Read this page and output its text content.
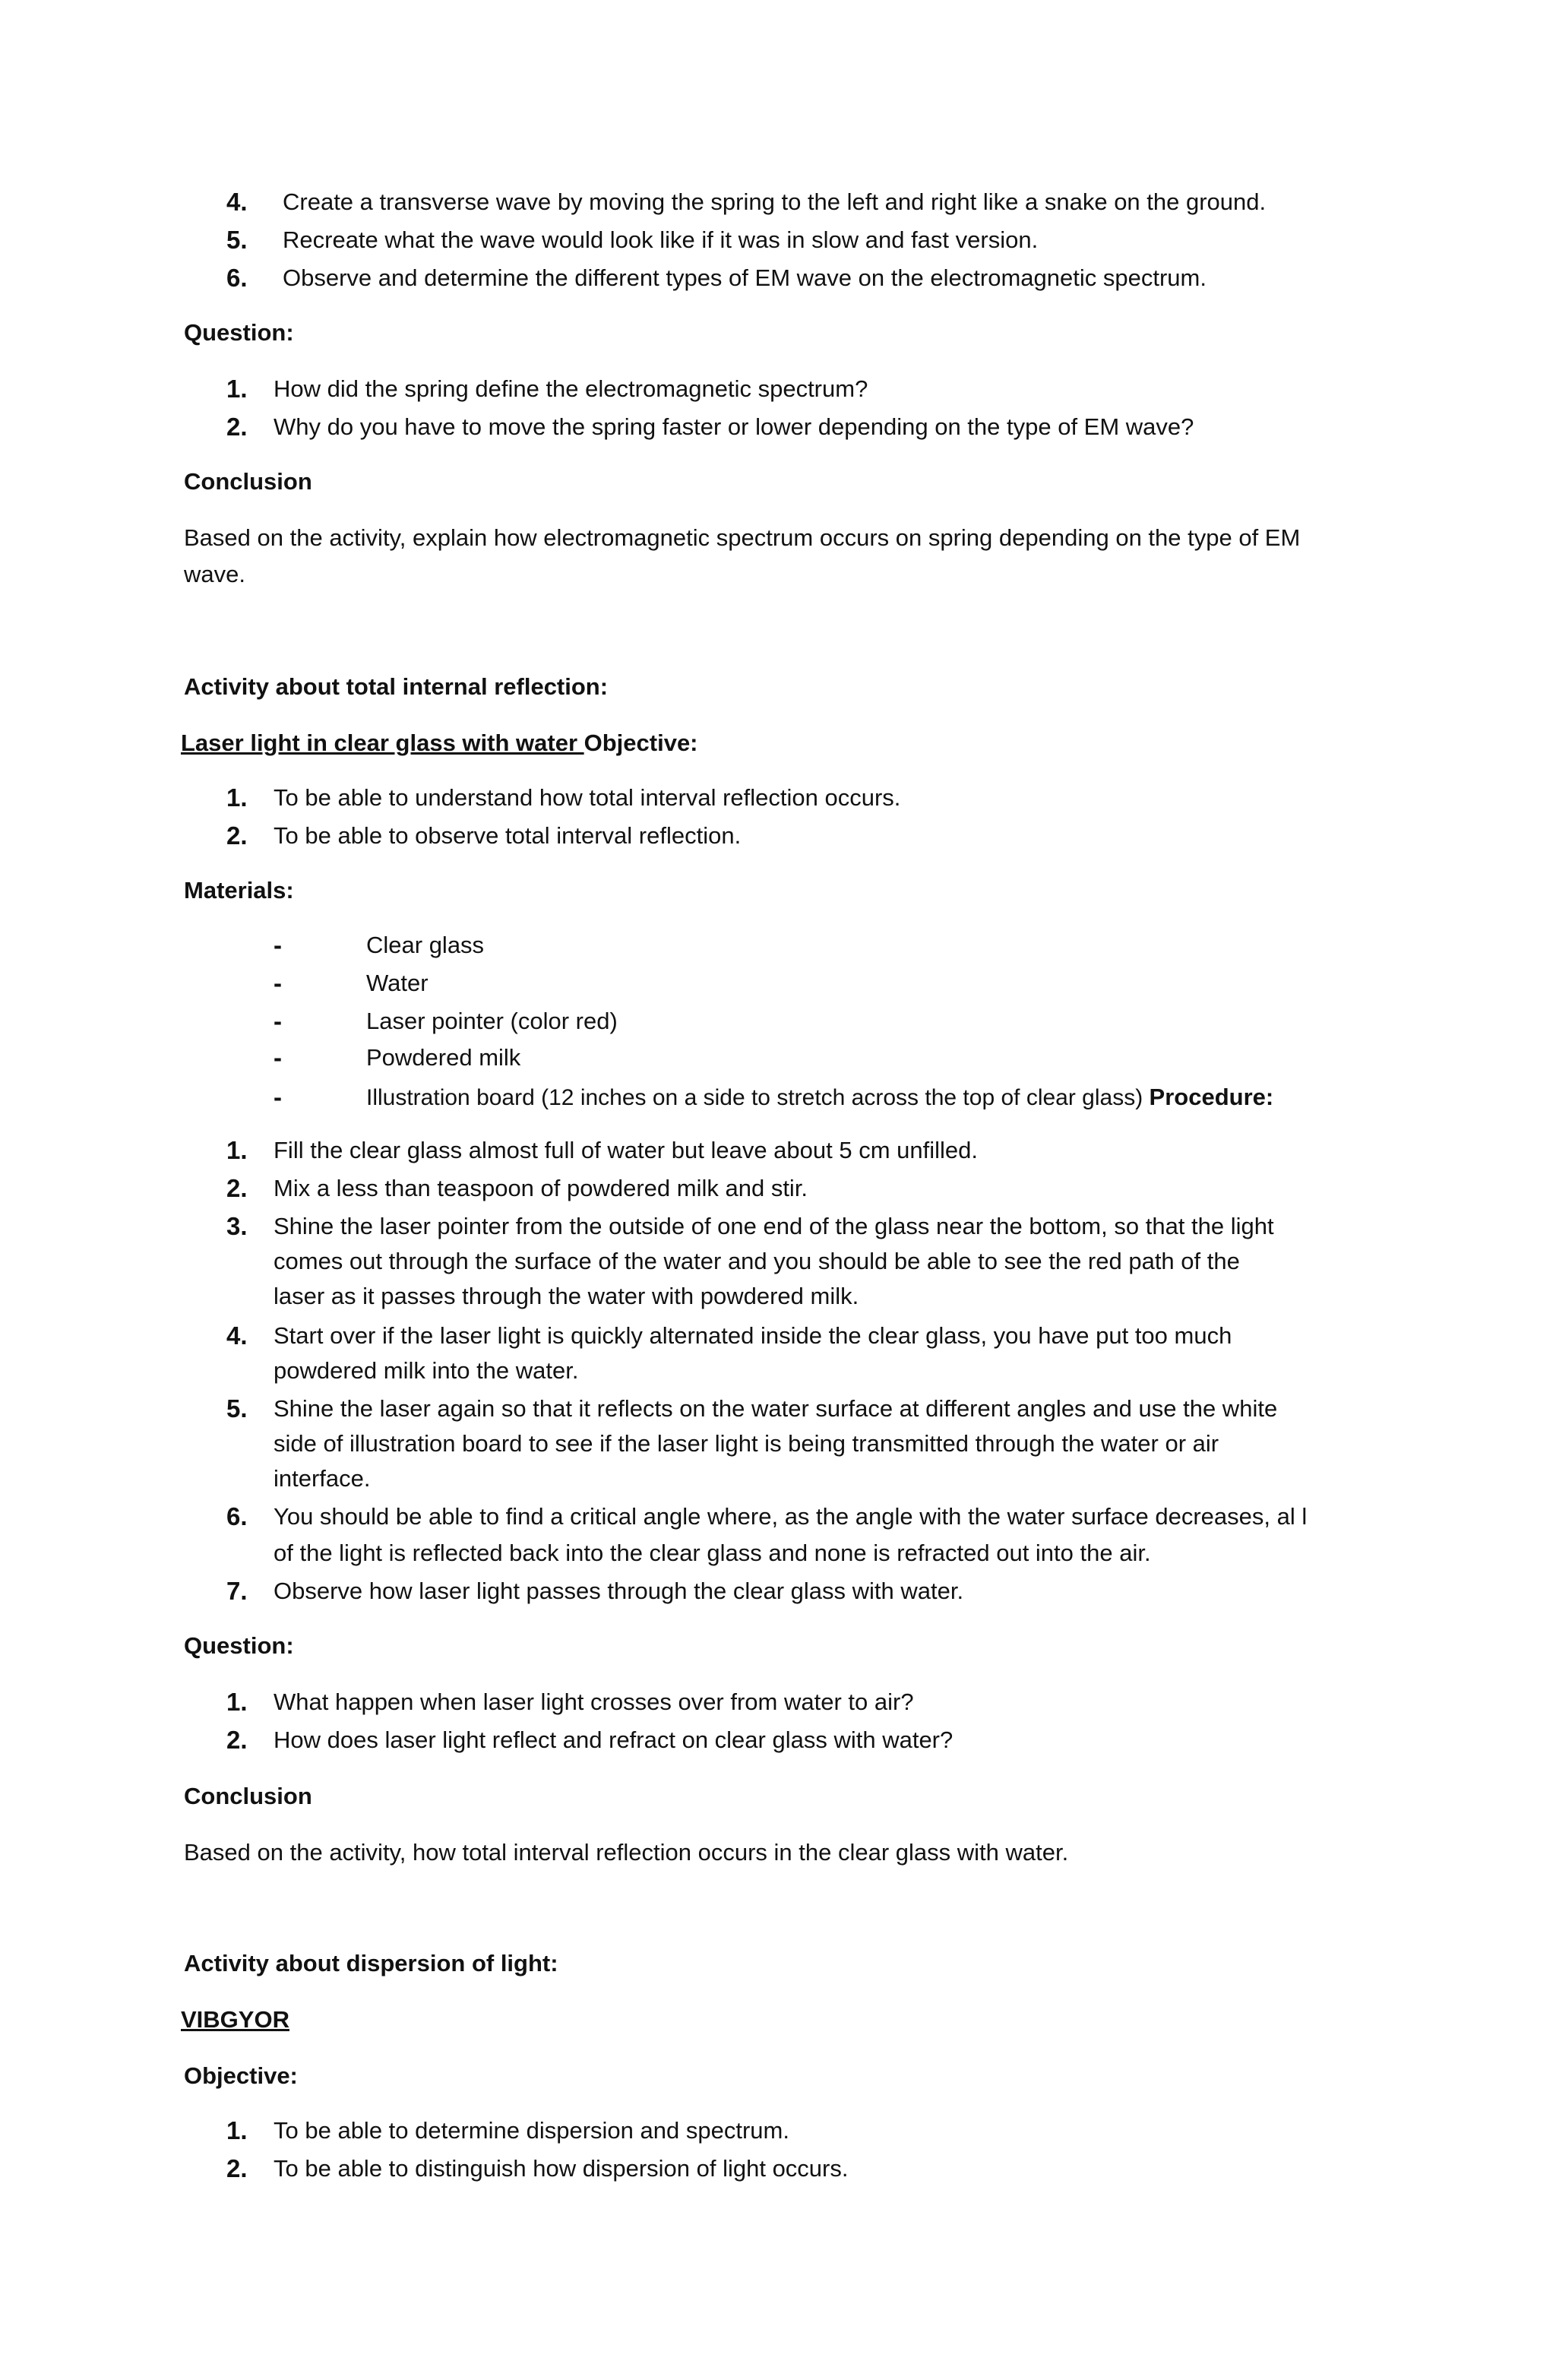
4. Create a transverse wave by moving the spring to the left and right like a snake on the ground.
5. Recreate what the wave would look like if it was in slow and fast version.
6. Observe and determine the different types of EM wave on the electromagnetic spectrum.
Question:
1. How did the spring define the electromagnetic spectrum?
2. Why do you have to move the spring faster or lower depending on the type of EM wave?
Conclusion
Based on the activity, explain how electromagnetic spectrum occurs on spring depending on the type of EM wave.
Activity about total internal reflection:
Laser light in clear glass with water Objective:
1. To be able to understand how total interval reflection occurs.
2. To be able to observe total interval reflection.
Materials:
-	Clear glass
-	Water
-	Laser pointer (color red)
-	Powdered milk
-	Illustration board (12 inches on a side to stretch across the top of clear glass) Procedure:
1. Fill the clear glass almost full of water but leave about 5 cm unfilled.
2. Mix a less than teaspoon of powdered milk and stir.
3. Shine the laser pointer from the outside of one end of the glass near the bottom, so that the light
comes out through the surface of the water and you should be able to see the red path of the
laser as it passes through the water with powdered milk.
4. Start over if the laser light is quickly alternated inside the clear glass, you have put too much
powdered milk into the water.
5. Shine the laser again so that it reflects on the water surface at different angles and use the white
side of illustration board to see if the laser light is being transmitted through the water or air
interface.
6. You should be able to find a critical angle where, as the angle with the water surface decreases, al l
of the light is reflected back into the clear glass and none is refracted out into the air.
7. Observe how laser light passes through the clear glass with water.
Question:
1. What happen when laser light crosses over from water to air?
2. How does laser light reflect and refract on clear glass with water?
Conclusion
Based on the activity, how total interval reflection occurs in the clear glass with water.
Activity about dispersion of light:
VIBGYOR
Objective:
1. To be able to determine dispersion and spectrum.
2. To be able to distinguish how dispersion of light occurs.
